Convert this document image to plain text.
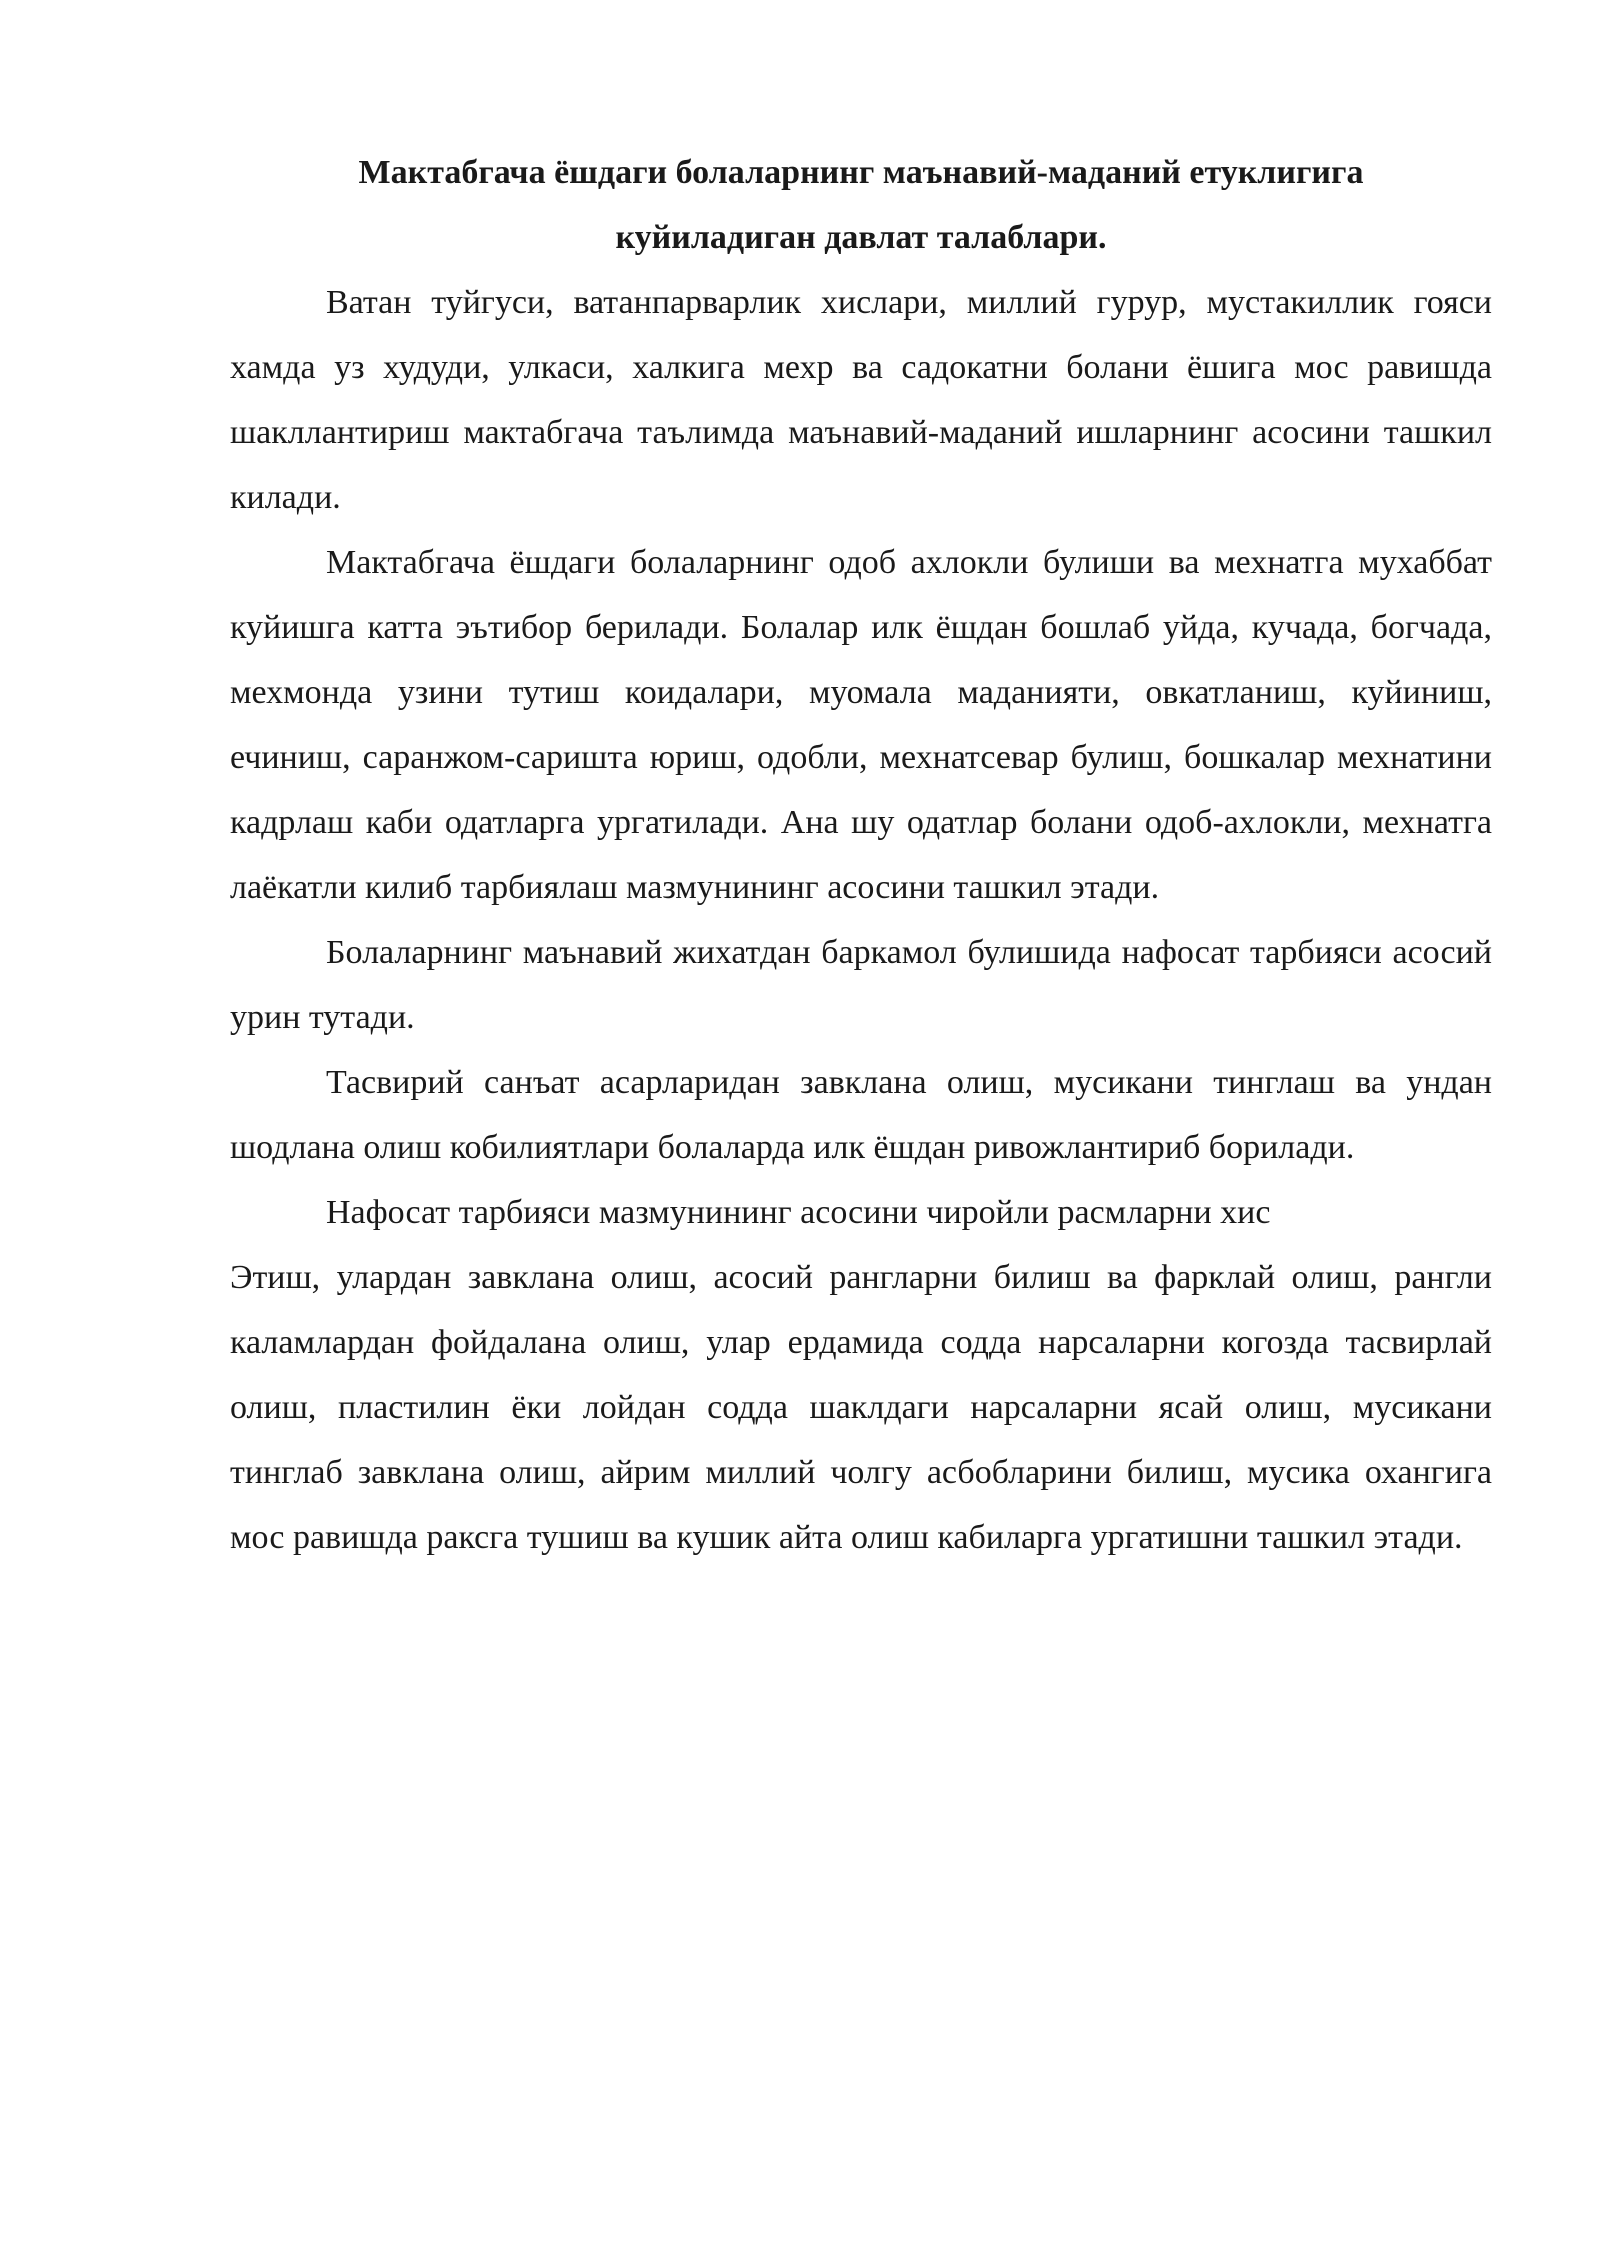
Мактабгача ёшдаги болаларнинг маънавий-маданий етуклигига
куйиладиган давлат талаблари.

Ватан туйгуси, ватанпарварлик хислари, миллий гурур, мустакиллик гояси хамда уз худуди, улкаси, халкига мехр ва садокатни болани ёшига мос равишда шакллантириш мактабгача таълимда маънавий-маданий ишларнинг асосини ташкил килади.

Мактабгача ёшдаги болаларнинг одоб ахлокли булиши ва мехнатга мухаббат куйишга катта эътибор берилади. Болалар илк ёшдан бошлаб уйда, кучада, богчада, мехмонда узини тутиш коидалари, муомала маданияти, овкатланиш, куйиниш, ечиниш, саранжом-саришта юриш, одобли, мехнатсевар булиш, бошкалар мехнатини кадрлаш каби одатларга ургатилади. Ана шу одатлар болани одоб-ахлокли, мехнатга лаёкатли килиб тарбиялаш мазмунининг асосини ташкил этади.

Болаларнинг маънавий жихатдан баркамол булишида нафосат тарбияси асосий урин тутади.

Тасвирий санъат асарларидан завклана олиш, мусикани тинглаш ва ундан шодлана олиш кобилиятлари болаларда илк ёшдан ривожлантириб борилади.

Нафосат тарбияси мазмунининг асосини чиройли расмларни хис

Этиш, улардан завклана олиш, асосий рангларни билиш ва фарклай олиш, рангли каламлардан фойдалана олиш, улар ердамида содда нарсаларни когозда тасвирлай олиш, пластилин ёки лойдан содда шаклдаги нарсаларни ясай олиш, мусикани тинглаб завклана олиш, айрим миллий чолгу асбобларини билиш, мусика охангига мос равишда раксга тушиш ва кушик айта олиш кабиларга ургатишни ташкил этади.
